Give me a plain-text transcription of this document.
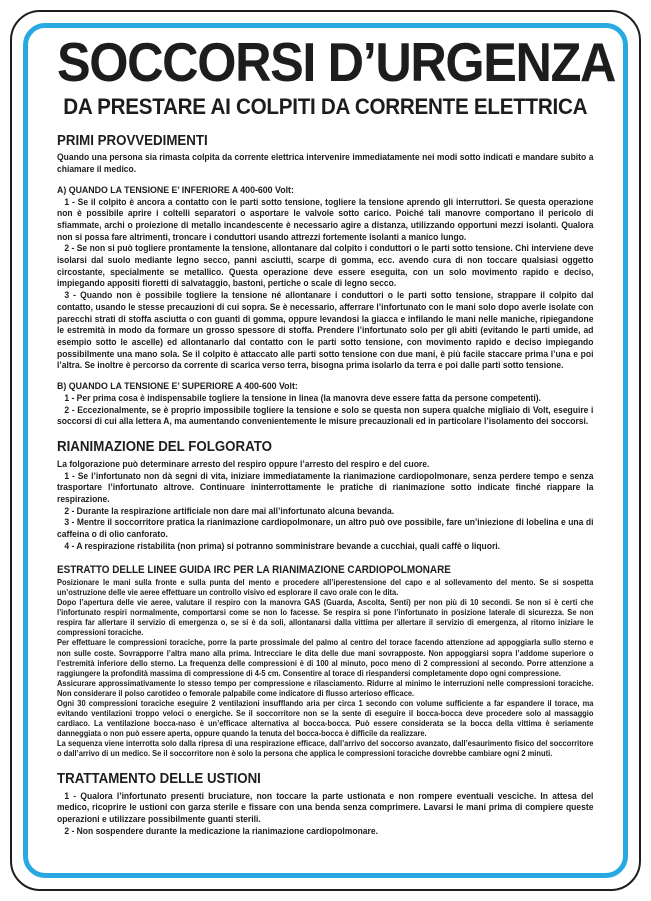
SOCCORSI D’URGENZA
DA PRESTARE AI COLPITI DA CORRENTE ELETTRICA
PRIMI PROVVEDIMENTI

Quando una persona sia rimasta colpita da corrente elettrica intervenire immediatamente nei modi sotto indicati e mandare subito a chiamare il medico.

A) QUANDO LA TENSIONE E’ INFERIORE A 400-600 Volt:

1 - Se il colpito è ancora a contatto con le parti sotto tensione, togliere la tensione aprendo gli interruttori. Se questa operazione non è possibile aprire i coltelli separatori o asportare le valvole sotto carico. Poiché tali manovre comportano il pericolo di sfiammate, archi o proiezione di metallo incandescente è necessario agire a distanza, utilizzando opportuni mezzi isolanti. Qualora non si possa fare altrimenti, troncare i conduttori usando attrezzi fortemente isolanti a manico lungo.

2 - Se non si può togliere prontamente la tensione, allontanare dal colpito i conduttori o le parti sotto tensione. Chi interviene deve isolarsi dal suolo mediante legno secco, panni asciutti, scarpe di gomma, ecc. avendo cura di non toccare qualsiasi oggetto circostante, specialmente se metallico. Questa operazione deve essere eseguita, con un solo movimento rapido e deciso, impiegando appositi fioretti di salvataggio, bastoni, pertiche o scale di legno secco.

3 - Quando non è possibile togliere la tensione né allontanare i conduttori o le parti sotto tensione, strappare il colpito dal contatto, usando le stesse precauzioni di cui sopra. Se è necessario, afferrare l’infortunato con le mani solo dopo averle isolate con parecchi strati di stoffa asciutta o con guanti di gomma, oppure levandosi la giacca e infilando le mani nelle maniche, ripiegandone le estremità in modo da formare un grosso spessore di stoffa. Prendere l’infortunato solo per gli abiti (evitando le parti umide, ad esempio sotto le ascelle) ed allontanarlo dal contatto con le parti sotto tensione, con movimento rapido e deciso impiegando possibilmente una mano sola. Se il colpito è attaccato alle parti sotto tensione con due mani, è più facile staccare prima l’una e poi l’altra. Se inoltre è percorso da corrente di scarica verso terra, bisogna prima isolarlo da terra e poi dalle parti sotto tensione.

B) QUANDO LA TENSIONE E’ SUPERIORE A 400-600 Volt:

1 - Per prima cosa è indispensabile togliere la tensione in linea (la manovra deve essere fatta da persone competenti).

2 - Eccezionalmente, se è proprio impossibile togliere la tensione e solo se questa non supera qualche migliaio di Volt, eseguire i soccorsi di cui alla lettera A, ma aumentando convenientemente le misure precauzionali ed in particolare l’isolamento dei soccorsi.

RIANIMAZIONE DEL FOLGORATO

La folgorazione può determinare arresto del respiro oppure l’arresto del respiro e del cuore.

1 - Se l’infortunato non dà segni di vita, iniziare immediatamente la rianimazione cardiopolmonare, senza perdere tempo e senza trasportare l’infortunato altrove. Continuare ininterrottamente le pratiche di rianimazione sotto indicate finché riappare la respirazione.

2 - Durante la respirazione artificiale non dare mai all’infortunato alcuna bevanda.

3 - Mentre il soccorritore pratica la rianimazione cardiopolmonare, un altro può ove possibile, fare un’iniezione di lobelina e una di caffeina o di olio canforato.

4 - A respirazione ristabilita (non prima) si potranno somministrare bevande a cucchiai, quali caffè o liquori.

ESTRATTO DELLE LINEE GUIDA IRC PER LA RIANIMAZIONE CARDIOPOLMONARE

Posizionare le mani sulla fronte e sulla punta del mento e procedere all’iperestensione del capo e al sollevamento del mento. Se si sospetta un’ostruzione delle vie aeree effettuare un controllo visivo ed esplorare il cavo orale con le dita.

Dopo l’apertura delle vie aeree, valutare il respiro con la manovra GAS (Guarda, Ascolta, Senti) per non più di 10 secondi. Se non si è certi che l’infortunato respiri normalmente, comportarsi come se non lo facesse. Se respira si pone l’infortunato in posizione laterale di sicurezza. Se non respira far allertare il servizio di emergenza o, se si è da soli, allontanarsi dalla vittima per allertare il servizio di emergenza, al ritorno iniziare le compressioni toraciche.

Per effettuare le compressioni toraciche, porre la parte prossimale del palmo al centro del torace facendo attenzione ad appoggiarla sullo sterno e non sulle coste. Sovrapporre l’altra mano alla prima. Intrecciare le dita delle due mani sovrapposte. Non appoggiarsi sopra l’addome superiore o l’estremità inferiore dello sterno. La frequenza delle compressioni è di 100 al minuto, poco meno di 2 compressioni al secondo. Porre attenzione a raggiungere la profondità massima di compressione di 4-5 cm. Consentire al torace di riespandersi completamente dopo ogni compressione.

Assicurare approssimativamente lo stesso tempo per compressione e rilasciamento. Ridurre al minimo le interruzioni nelle compressioni toraciche. Non considerare il polso carotideo o femorale palpabile come indicatore di flusso arterioso efficace.

Ogni 30 compressioni toraciche eseguire 2 ventilazioni insufflando aria per circa 1 secondo con volume sufficiente a far espandere il torace, ma evitando ventilazioni troppo veloci o energiche. Se il soccorritore non se la sente di eseguire il bocca-bocca deve procedere solo al massaggio cardiaco. La ventilazione bocca-naso è un’efficace alternativa al bocca-bocca. Può essere considerata se la bocca della vittima è seriamente danneggiata o non può essere aperta, oppure quando la tenuta del bocca-bocca è difficile da realizzare.

La sequenza viene interrotta solo dalla ripresa di una respirazione efficace, dall’arrivo del soccorso avanzato, dall’esaurimento fisico del soccorritore o dall’arrivo di un medico. Se il soccorritore non è solo la persona che applica le compressioni toraciche dovrebbe cambiare ogni 2 minuti.

TRATTAMENTO DELLE USTIONI

1 - Qualora l’infortunato presenti bruciature, non toccare la parte ustionata e non rompere eventuali vesciche. In attesa del medico, ricoprire le ustioni con garza sterile e fissare con una benda senza comprimere. Lavarsi le mani prima di compiere queste operazioni e utilizzare possibilmente guanti sterili.

2 - Non sospendere durante la medicazione la rianimazione cardiopolmonare.
